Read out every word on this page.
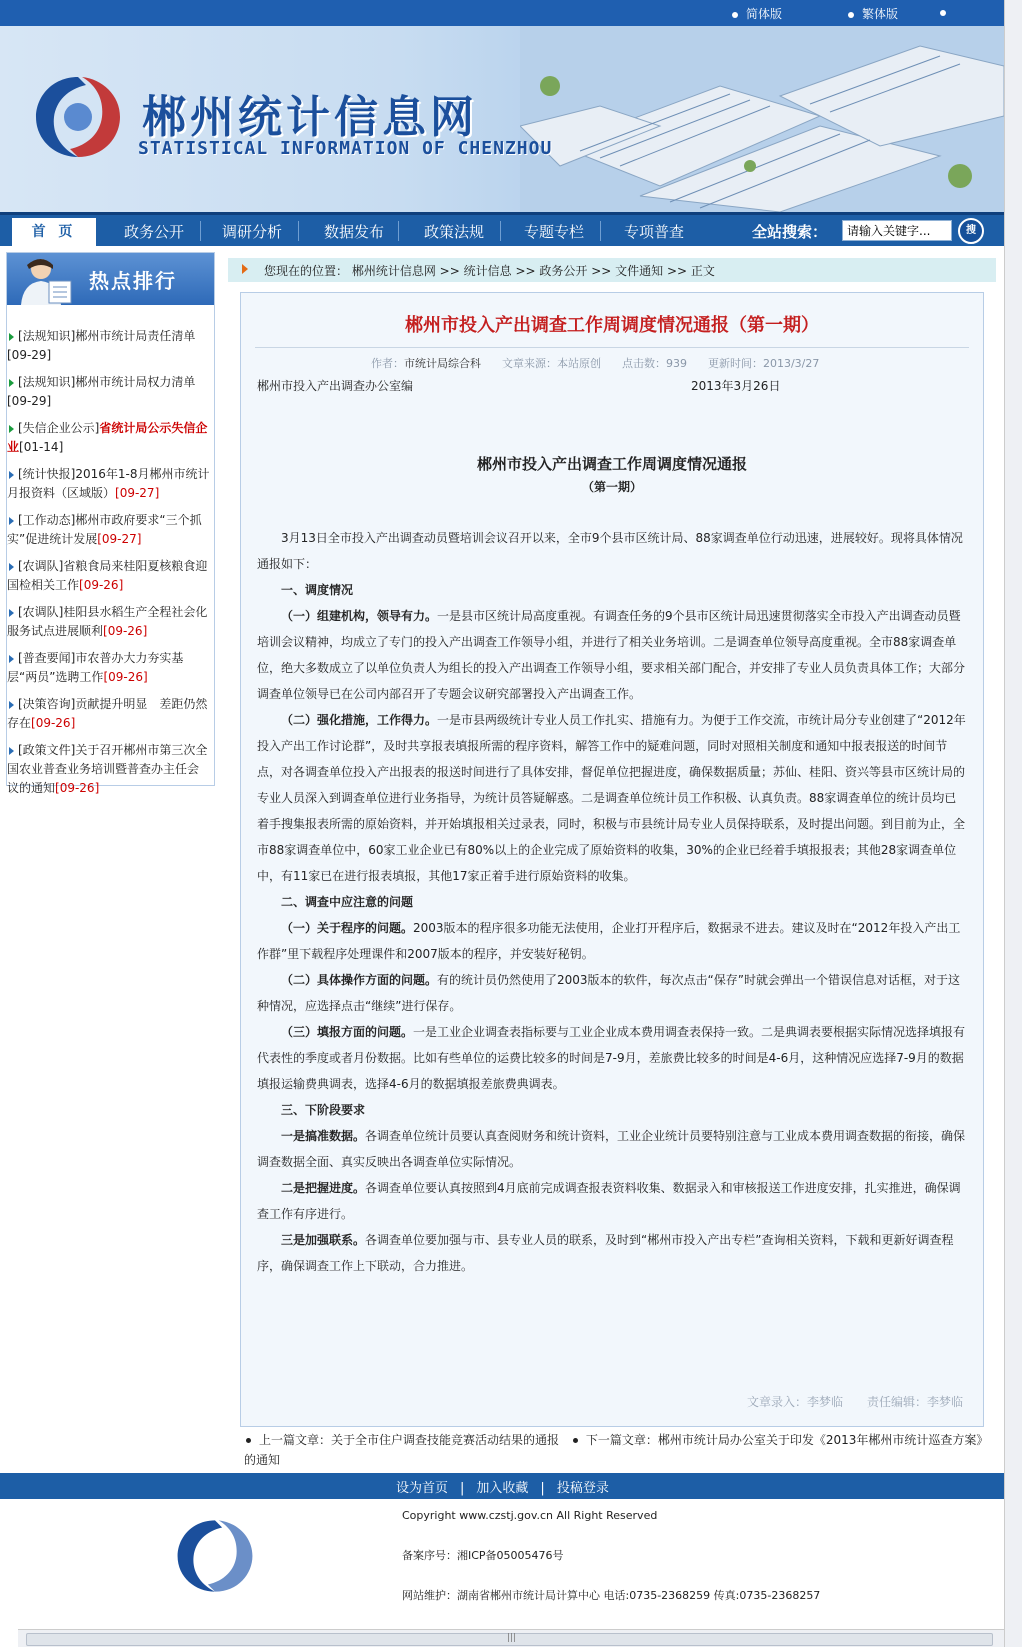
简体版	繁体版
郴州统计信息网
STATISTICAL INFORMATION OF CHENZHOU
首 页	政务公开	调研分析	数据发布	政策法规	专题专栏	专项普查	全站搜索：
请输入关键字...	搜
热点排行
[法规知识]郴州市统计局责任清单
[09-29]
[法规知识]郴州市统计局权力清单
[09-29]
[失信企业公示]省统计局公示失信企业[01-14]
[统计快报]2016年1-8月郴州市统计月报资料（区域版）[09-27]
[工作动态]郴州市政府要求“三个抓实”促进统计发展[09-27]
[农调队]省粮食局来桂阳夏核粮食迎国检相关工作[09-26]
[农调队]桂阳县水稻生产全程社会化服务试点进展顺利[09-26]
[普查要闻]市农普办大力夯实基层“两员”选聘工作[09-26]
[决策咨询]贡献提升明显　差距仍然存在[09-26]
[政策文件]关于召开郴州市第三次全国农业普查业务培训暨普查办主任会议的通知[09-26]
您现在的位置： 郴州统计信息网 >> 统计信息 >> 政务公开 >> 文件通知 >> 正文
郴州市投入产出调查工作周调度情况通报（第一期）
作者：市统计局综合科 文章来源：本站原创 点击数：939 更新时间：2013/3/27
郴州市投入产出调查办公室编	2013年3月26日
郴州市投入产出调查工作周调度情况通报
（第一期）

3月13日全市投入产出调查动员暨培训会议召开以来，全市9个县市区统计局、88家调查单位行动迅速，进展较好。现将具体情况通报如下：

一、调度情况

（一）组建机构，领导有力。一是县市区统计局高度重视。有调查任务的9个县市区统计局迅速贯彻落实全市投入产出调查动员暨培训会议精神，均成立了专门的投入产出调查工作领导小组，并进行了相关业务培训。二是调查单位领导高度重视。全市88家调查单位，绝大多数成立了以单位负责人为组长的投入产出调查工作领导小组，要求相关部门配合，并安排了专业人员负责具体工作；大部分调查单位领导已在公司内部召开了专题会议研究部署投入产出调查工作。

（二）强化措施，工作得力。一是市县两级统计专业人员工作扎实、措施有力。为便于工作交流，市统计局分专业创建了“2012年投入产出工作讨论群”，及时共享报表填报所需的程序资料，解答工作中的疑难问题，同时对照相关制度和通知中报表报送的时间节点，对各调查单位投入产出报表的报送时间进行了具体安排，督促单位把握进度，确保数据质量；苏仙、桂阳、资兴等县市区统计局的专业人员深入到调查单位进行业务指导，为统计员答疑解惑。二是调查单位统计员工作积极、认真负责。88家调查单位的统计员均已着手搜集报表所需的原始资料，并开始填报相关过录表，同时，积极与市县统计局专业人员保持联系，及时提出问题。到目前为止，全市88家调查单位中，60家工业企业已有80%以上的企业完成了原始资料的收集，30%的企业已经着手填报报表；其他28家调查单位中，有11家已在进行报表填报，其他17家正着手进行原始资料的收集。

二、调查中应注意的问题

（一）关于程序的问题。2003版本的程序很多功能无法使用，企业打开程序后，数据录不进去。建议及时在“2012年投入产出工作群”里下载程序处理课件和2007版本的程序，并安装好秘钥。

（二）具体操作方面的问题。有的统计员仍然使用了2003版本的软件，每次点击“保存”时就会弹出一个错误信息对话框，对于这种情况，应选择点击“继续”进行保存。

（三）填报方面的问题。一是工业企业调查表指标要与工业企业成本费用调查表保持一致。二是典调表要根据实际情况选择填报有代表性的季度或者月份数据。比如有些单位的运费比较多的时间是7-9月，差旅费比较多的时间是4-6月，这种情况应选择7-9月的数据填报运输费典调表，选择4-6月的数据填报差旅费典调表。

三、下阶段要求

一是搞准数据。各调查单位统计员要认真查阅财务和统计资料，工业企业统计员要特别注意与工业成本费用调查数据的衔接，确保调查数据全面、真实反映出各调查单位实际情况。

二是把握进度。各调查单位要认真按照到4月底前完成调查报表资料收集、数据录入和审核报送工作进度安排，扎实推进，确保调查工作有序进行。

三是加强联系。各调查单位要加强与市、县专业人员的联系，及时到“郴州市投入产出专栏”查询相关资料，下载和更新好调查程序，确保调查工作上下联动，合力推进。

文章录入：李梦临　　 责任编辑：李梦临
上一篇文章：关于全市住户调查技能竞赛活动结果的通报 下一篇文章：郴州市统计局办公室关于印发《2013年郴州市统计巡查方案》的通知
设为首页 | 加入收藏 | 投稿登录
Copyright www.czstj.gov.cn All Right Reserved
备案序号：湘ICP备05005476号
网站维护：湖南省郴州市统计局计算中心 电话:0735-2368259 传真:0735-2368257
|||
